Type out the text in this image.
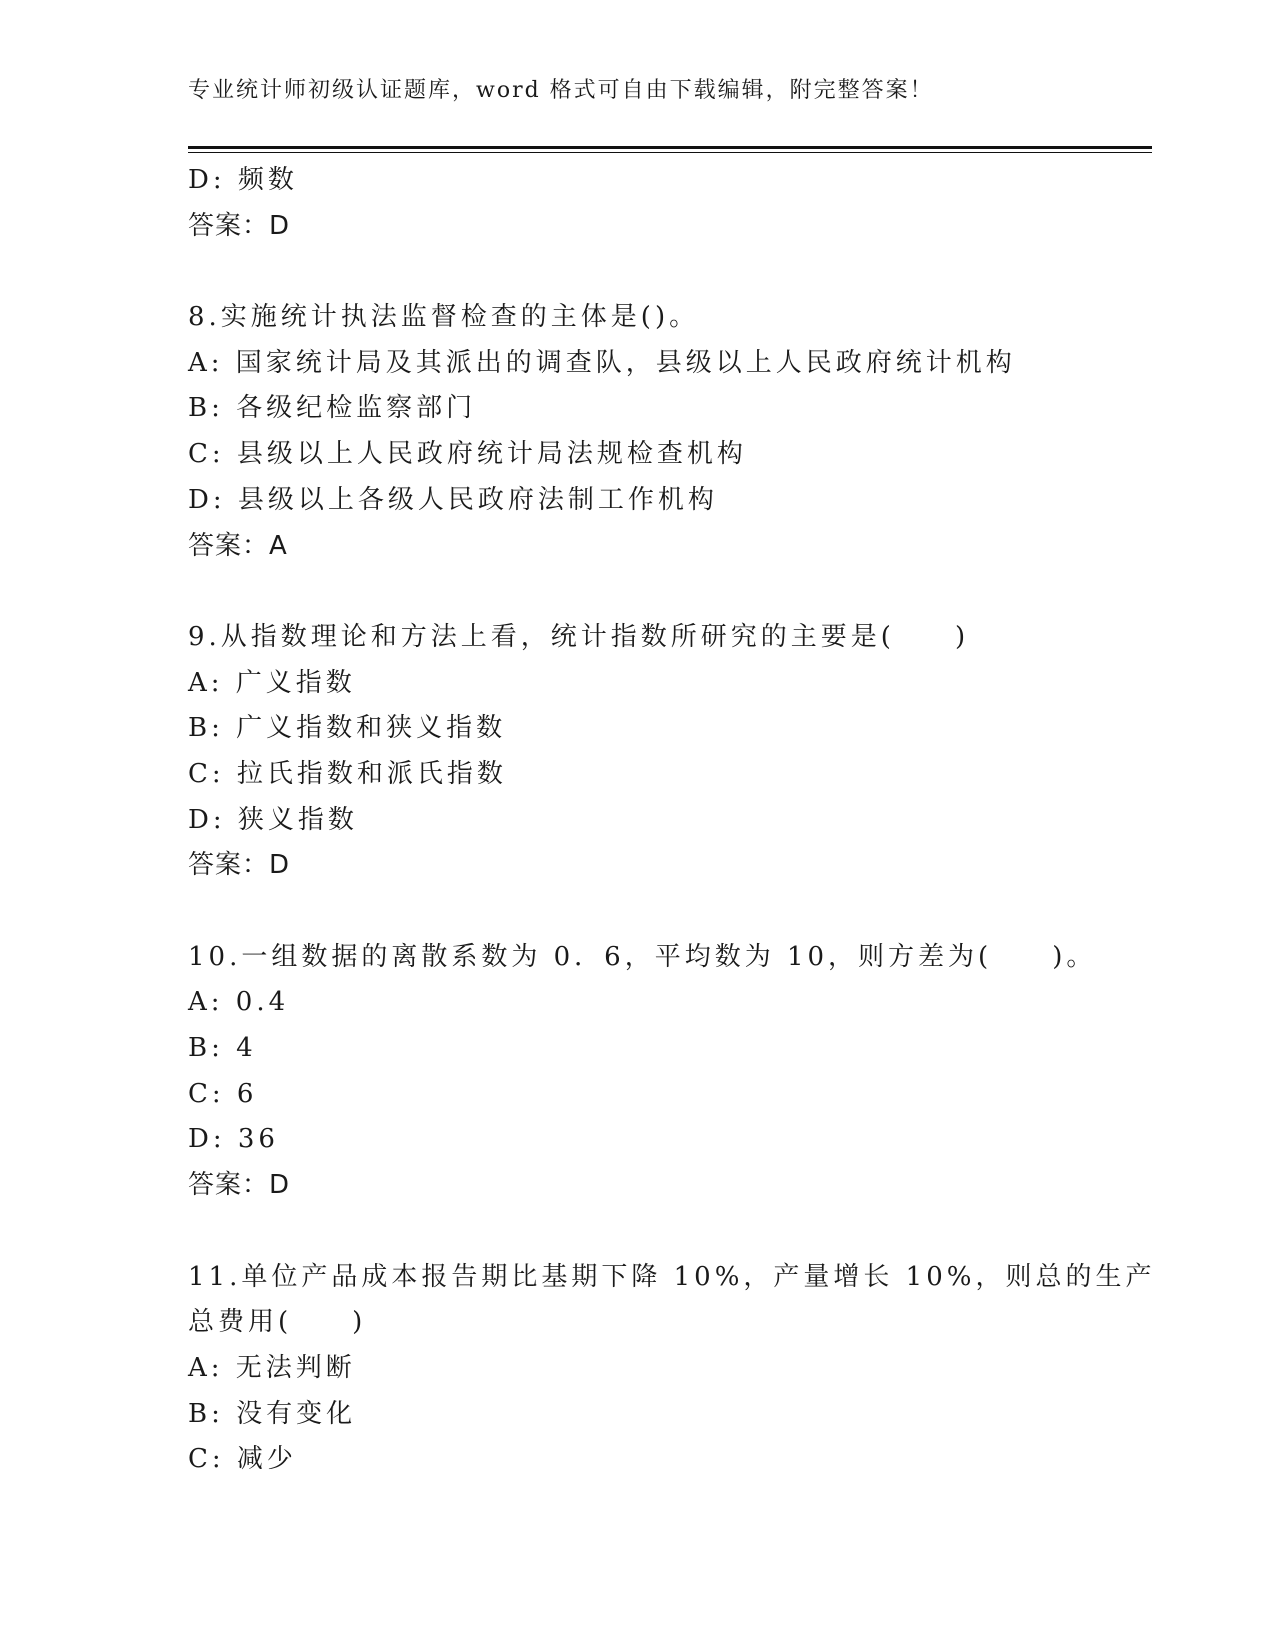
专业统计师初级认证题库，word 格式可自由下载编辑，附完整答案！
D: 频数
答案：D
8.实施统计执法监督检查的主体是()。
A: 国家统计局及其派出的调查队，县级以上人民政府统计机构
B: 各级纪检监察部门
C: 县级以上人民政府统计局法规检查机构
D: 县级以上各级人民政府法制工作机构
答案：A
9.从指数理论和方法上看，统计指数所研究的主要是(　　)
A: 广义指数
B: 广义指数和狭义指数
C: 拉氏指数和派氏指数
D: 狭义指数
答案：D
10.一组数据的离散系数为 0．6，平均数为 10，则方差为(　　)。
A: 0.4
B: 4
C: 6
D: 36
答案：D
11.单位产品成本报告期比基期下降 10%，产量增长 10%，则总的生产
总费用(　　)
A: 无法判断
B: 没有变化
C: 减少
